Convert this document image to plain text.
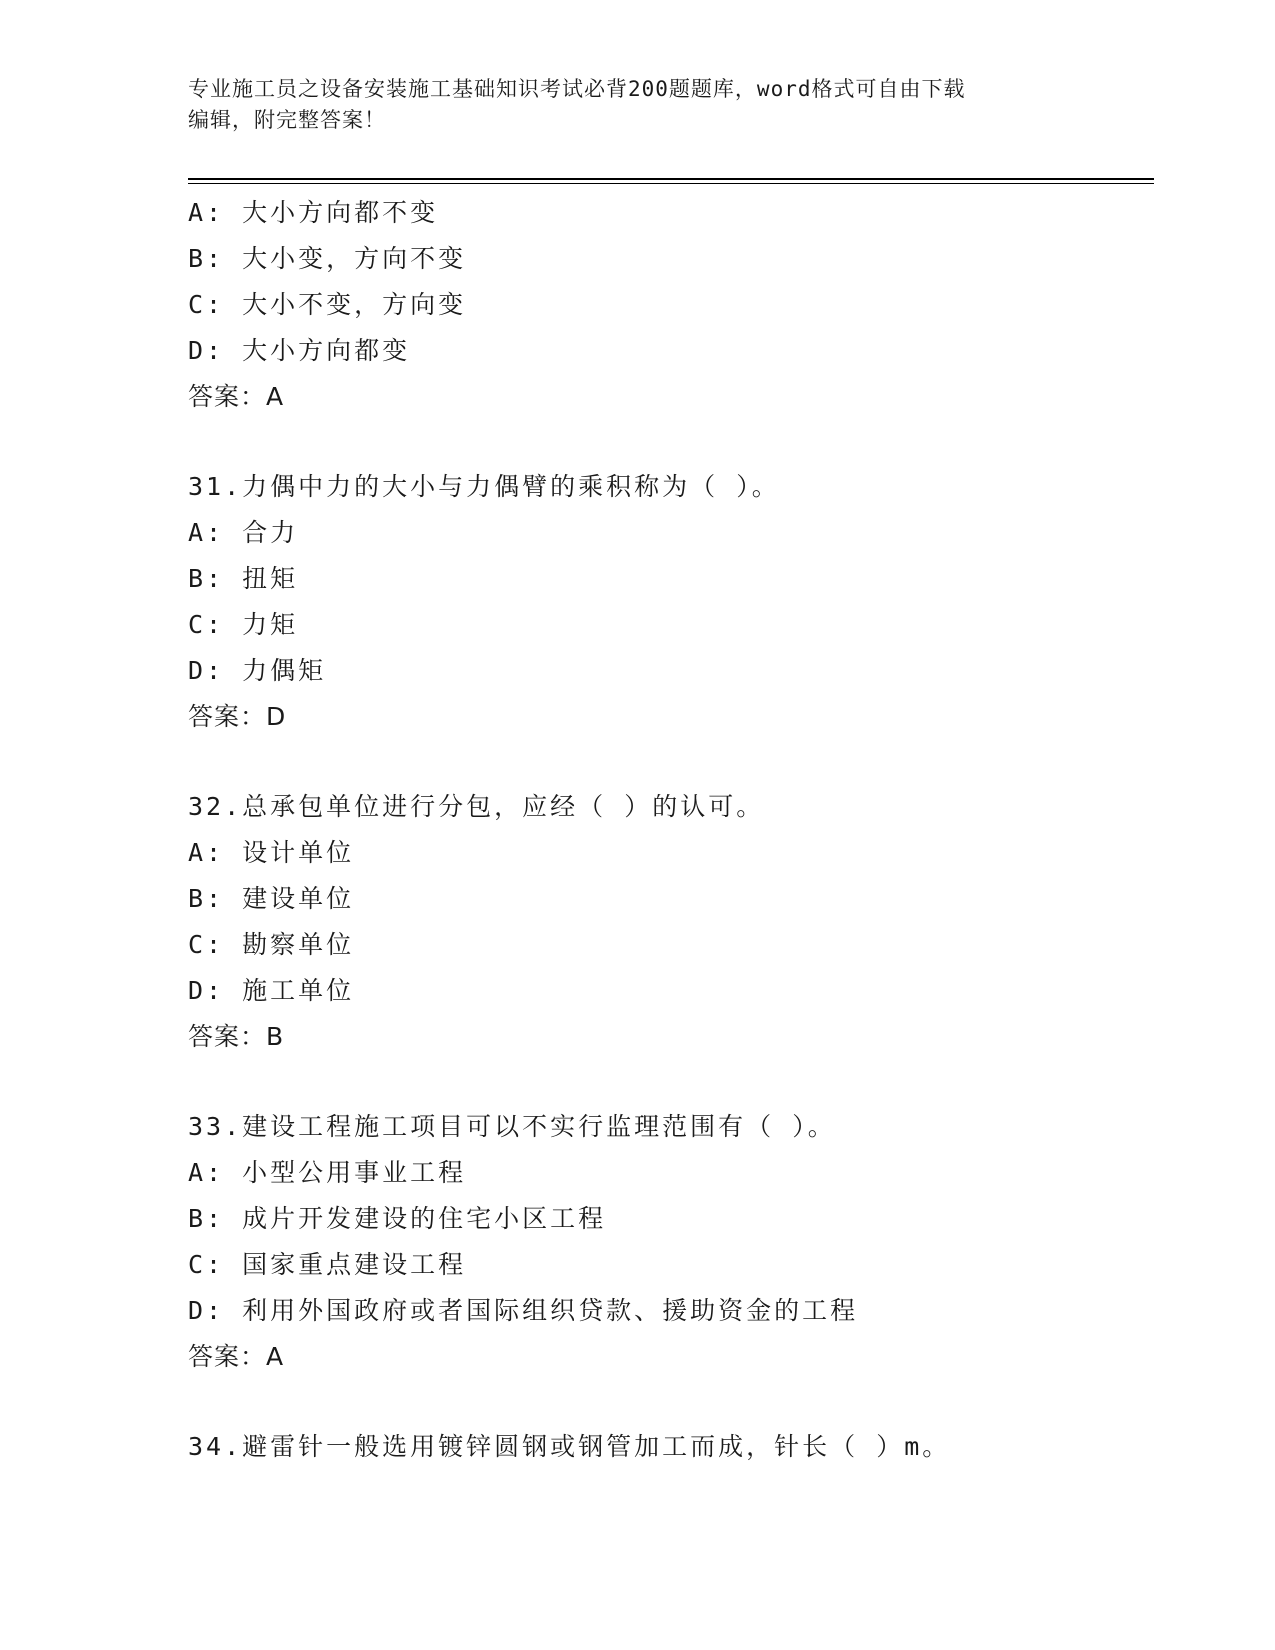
专业施工员之设备安装施工基础知识考试必背200题题库，word格式可自由下载
编辑，附完整答案！
A: 大小方向都不变
B: 大小变，方向不变
C: 大小不变，方向变
D: 大小方向都变
答案：A
31.力偶中力的大小与力偶臂的乘积称为（ ）。
A: 合力
B: 扭矩
C: 力矩
D: 力偶矩
答案：D
32.总承包单位进行分包，应经（ ）的认可。
A: 设计单位
B: 建设单位
C: 勘察单位
D: 施工单位
答案：B
33.建设工程施工项目可以不实行监理范围有（ ）。
A: 小型公用事业工程
B: 成片开发建设的住宅小区工程
C: 国家重点建设工程
D: 利用外国政府或者国际组织贷款、援助资金的工程
答案：A
34.避雷针一般选用镀锌圆钢或钢管加工而成，针长（ ）m。
